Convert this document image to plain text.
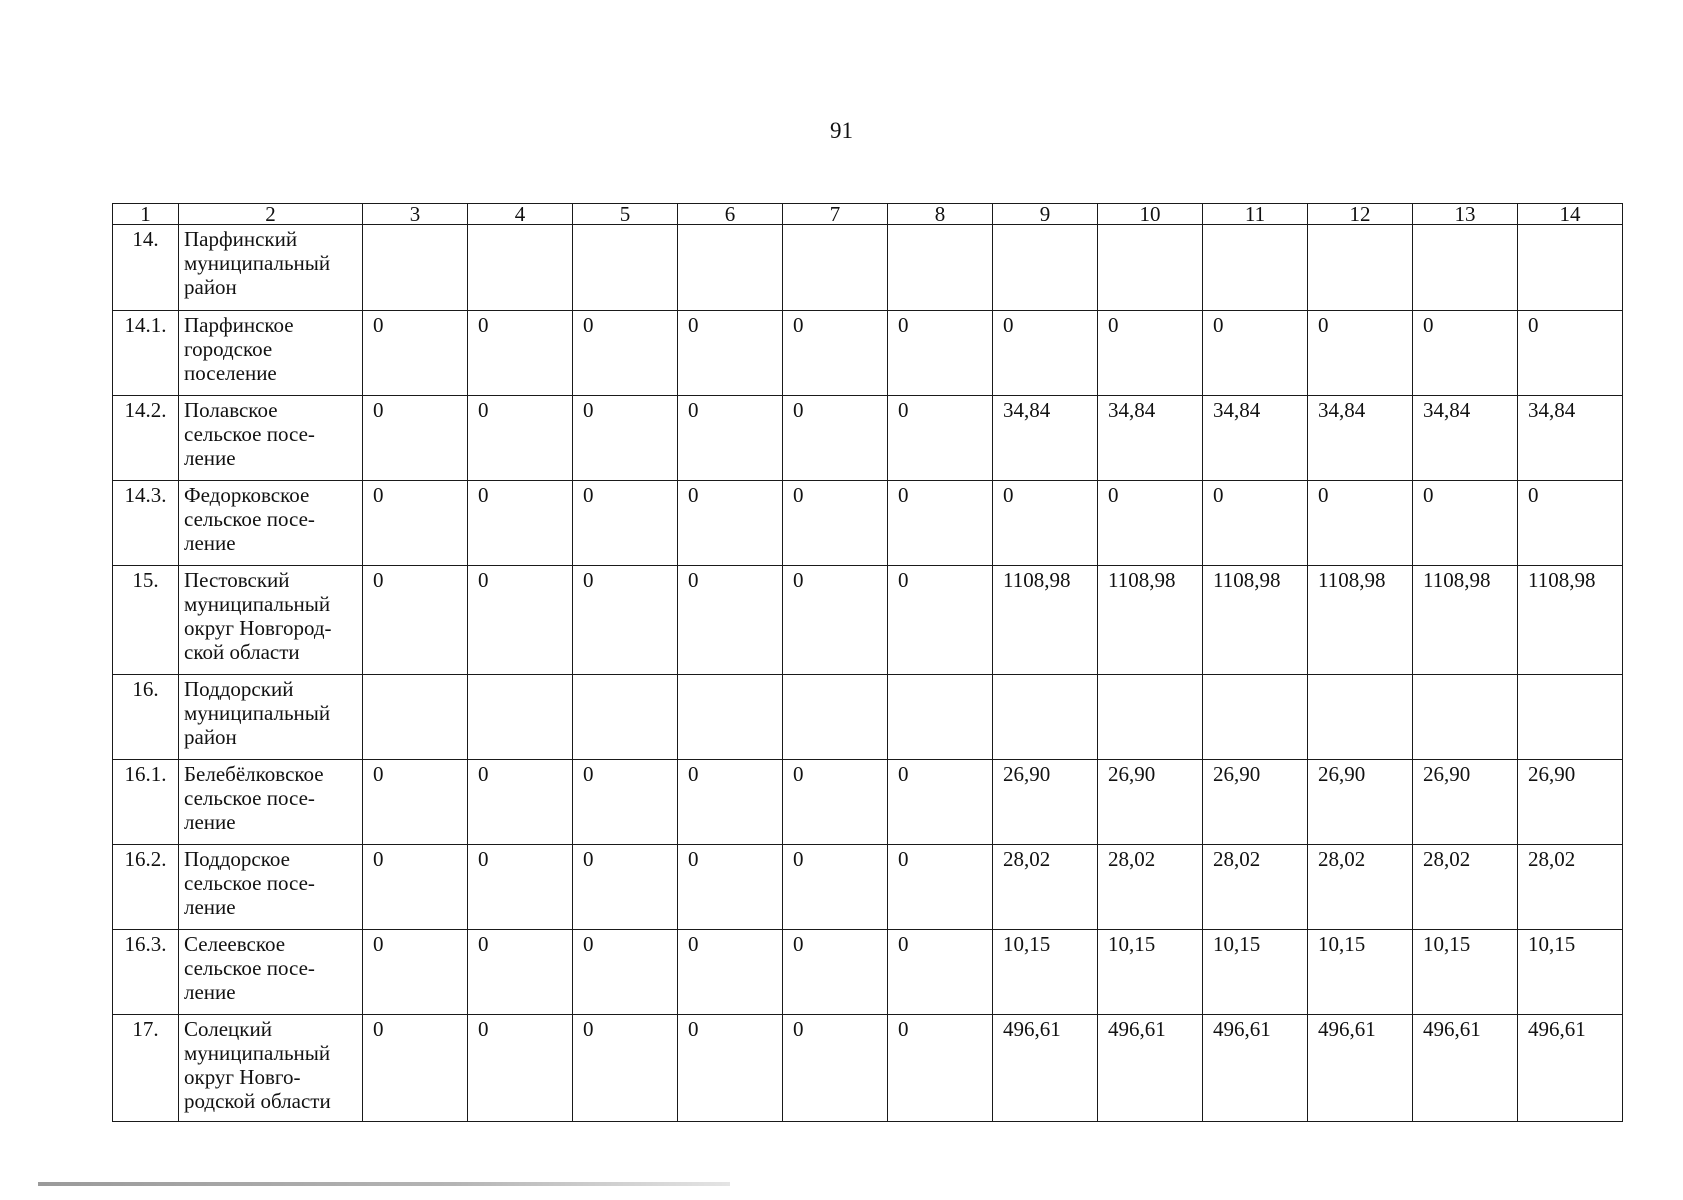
91
1	2	3	4	5	6	7	8	9	10	11	12	13	14
14.	Парфинский
муниципальный
район												

14.1.	Парфинское
городское
поселение	0	0	0	0	0	0	0	0	0	0	0	0
14.2.	Полавское
сельское посе-
ление	0	0	0	0	0	0	34,84	34,84	34,84	34,84	34,84	34,84
14.3.	Федорковское
сельское посе-
ление	0	0	0	0	0	0	0	0	0	0	0	0
15.	Пестовский
муниципальный
округ Новгород-
ской области	0	0	0	0	0	0	1108,98	1108,98	1108,98	1108,98	1108,98	1108,98
16.	Поддорский
муниципальный
район												

16.1.	Белебёлковское
сельское посе-
ление	0	0	0	0	0	0	26,90	26,90	26,90	26,90	26,90	26,90
16.2.	Поддорское
сельское посе-
ление	0	0	0	0	0	0	28,02	28,02	28,02	28,02	28,02	28,02
16.3.	Селеевское
сельское посе-
ление	0	0	0	0	0	0	10,15	10,15	10,15	10,15	10,15	10,15
17.	Солецкий
муниципальный
округ Новго-
родской области	0	0	0	0	0	0	496,61	496,61	496,61	496,61	496,61	496,61
